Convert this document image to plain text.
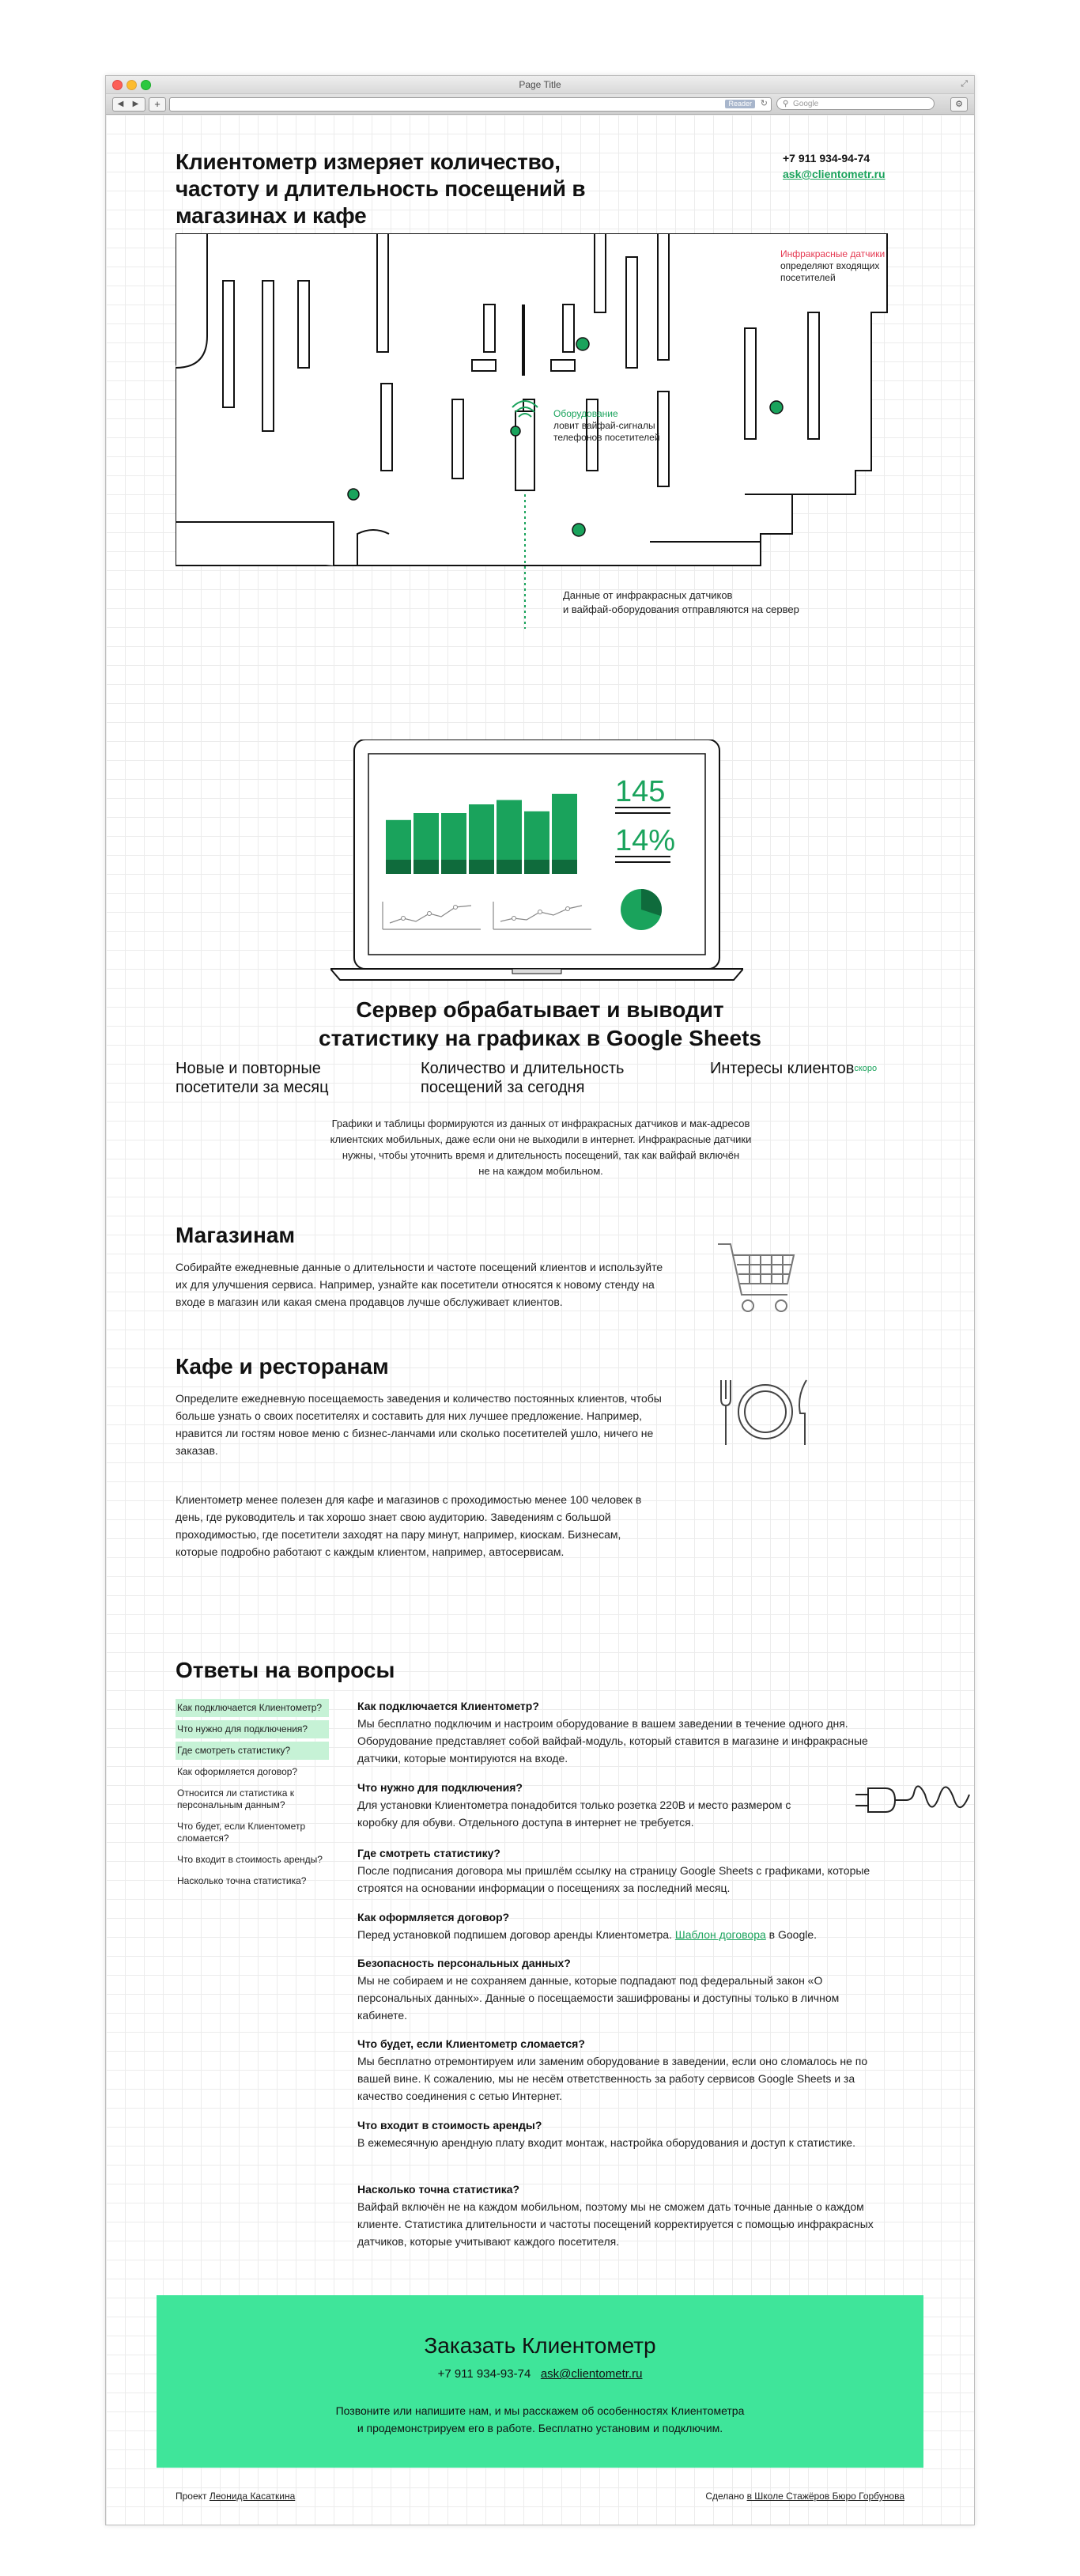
Page Title	⤢
◀ ▶	+	Reader ↻ ⚲ Google	⚙
Клиентометр измеряет количество, частоту и длительность посещений в магазинах и кафе
+7 911 934-94-74
ask@clientometr.ru
Инфракрасные датчики
определяют входящих
посетителей
Оборудование
ловит вайфай-сигналы
телефонов посетителей
Данные от инфракрасных датчиков
и вайфай-оборудования отправляются на сервер
145
14%
Сервер обрабатывает и выводит
статистику на графиках в Google Sheets
Новые и повторные
посетители за месяц
Количество и длительность
посещений за сегодня
Интересы клиентов$^{скоро}$
Графики и таблицы формируются из данных от инфракрасных датчиков и мак-адресов
клиентских мобильных, даже если они не выходили в интернет. Инфракрасные датчики
нужны, чтобы уточнить время и длительность посещений, так как вайфай включён
не на каждом мобильном.
Магазинам
Собирайте ежедневные данные о длительности и частоте посещений клиентов и используйте их для улучшения сервиса. Например, узнайте как посетители относятся к новому стенду на входе в магазин или какая смена продавцов лучше обслуживает клиентов.
Кафе и ресторанам
Определите ежедневную посещаемость заведения и количество постоянных клиентов, чтобы больше узнать о своих посетителях и составить для них лучшее предложение. Например, нравится ли гостям новое меню с бизнес-ланчами или сколько посетителей ушло, ничего не заказав.
Клиентометр менее полезен для кафе и магазинов с проходимостью менее 100 человек в день, где руководитель и так хорошо знает свою аудиторию. Заведениям с большой проходимостью, где посетители заходят на пару минут, например, киоскам. Бизнесам, которые подробно работают с каждым клиентом, например, автосервисам.
Ответы на вопросы
Как подключается Клиентометр?
Что нужно для подключения?
Где смотреть статистику?
Как оформляется договор?
Относится ли статистика к персональным данным?
Что будет, если Клиентометр сломается?
Что входит в стоимость аренды?
Насколько точна статистика?
Как подключается Клиентометр?
Мы бесплатно подключим и настроим оборудование в вашем заведении в течение одного дня. Оборудование представляет собой вайфай-модуль, который ставится в магазине и инфракрасные датчики, которые монтируются на входе.
Что нужно для подключения?
Для установки Клиентометра понадобится только розетка 220В и место размером с коробку для обуви. Отдельного доступа в интернет не требуется.
Где смотреть статистику?
После подписания договора мы пришлём ссылку на страницу Google Sheets с графиками, которые строятся на основании информации о посещениях за последний месяц.
Как оформляется договор?
Перед установкой подпишем договор аренды Клиентометра. Шаблон договора в Google.
Безопасность персональных данных?
Мы не собираем и не сохраняем данные, которые подпадают под федеральный закон «О персональных данных». Данные о посещаемости зашифрованы и доступны только в личном кабинете.
Что будет, если Клиентометр сломается?
Мы бесплатно отремонтируем или заменим оборудование в заведении, если оно сломалось не по вашей вине. К сожалению, мы не несём ответственность за работу сервисов Google Sheets и за качество соединения с сетью Интернет.
Что входит в стоимость аренды?
В ежемесячную арендную плату входит монтаж, настройка оборудования и доступ к статистике.
Насколько точна статистика?
Вайфай включён не на каждом мобильном, поэтому мы не сможем дать точные данные о каждом клиенте. Статистика длительности и частоты посещений корректируется с помощью инфракрасных датчиков, которые учитывают каждого посетителя.
Заказать Клиентометр
+7 911 934-93-74 ask@clientometr.ru
Позвоните или напишите нам, и мы расскажем об особенностях Клиентометра
и продемонстрируем его в работе. Бесплатно установим и подключим.
Проект Леонида Касаткина	Сделано в Школе Стажёров Бюро Горбунова
